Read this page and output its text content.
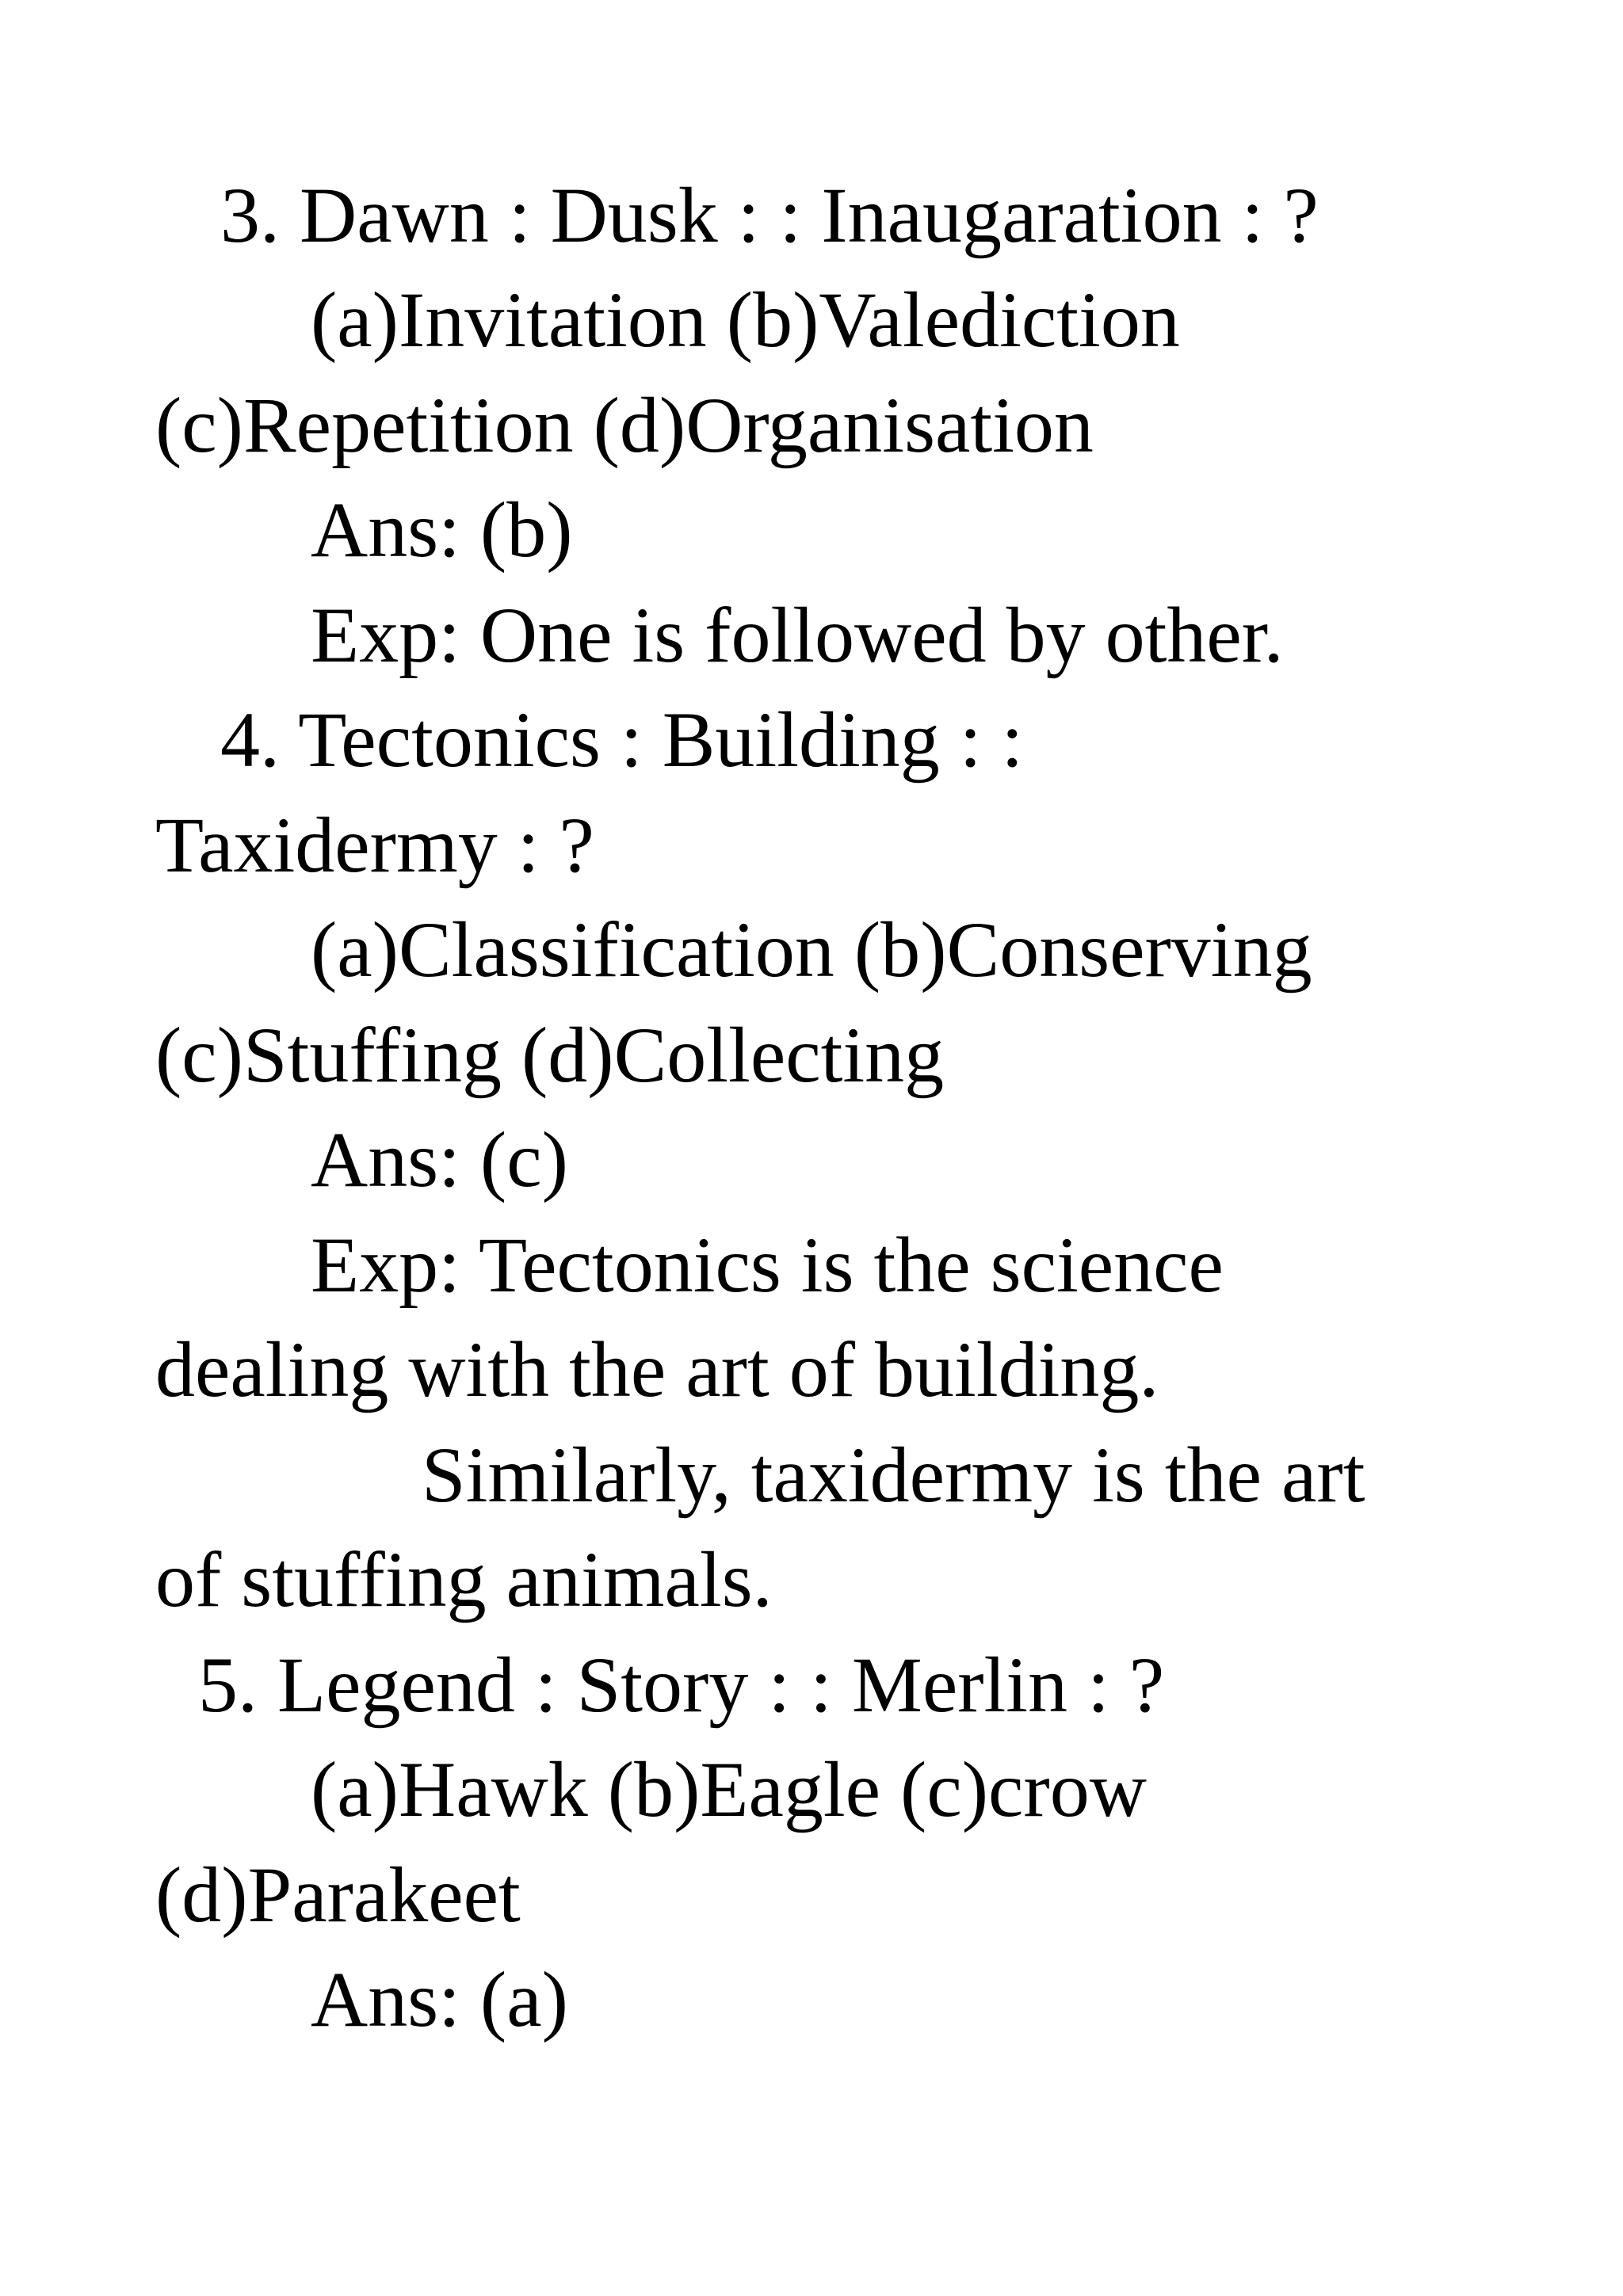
3. Dawn : Dusk : : Inaugaration : ?

(a)Invitation (b)Valediction

(c)Repetition (d)Organisation

Ans: (b)

Exp: One is followed by other.

4. Tectonics : Building : :

Taxidermy : ?

(a)Classification (b)Conserving

(c)Stuffing (d)Collecting

Ans: (c)

Exp: Tectonics is the science

dealing with the art of building.

Similarly, taxidermy is the art

of stuffing animals.

5. Legend : Story : : Merlin : ?

(a)Hawk (b)Eagle (c)crow

(d)Parakeet

Ans: (a)
